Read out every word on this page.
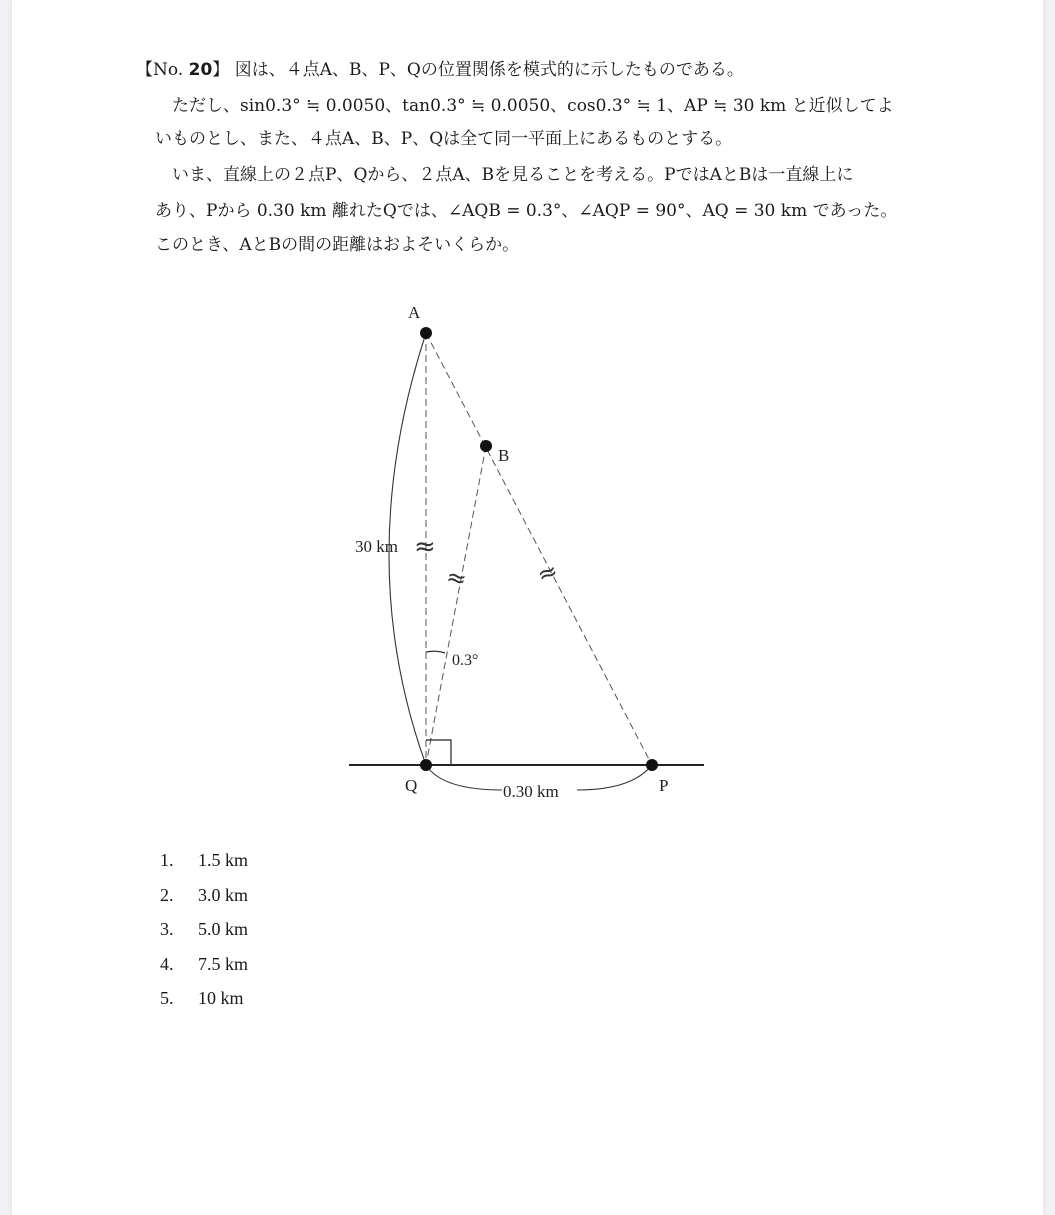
【No. 20】 図は、４点A、B、P、Qの位置関係を模式的に示したものである。
ただし、sin0.3° ≒ 0.0050、tan0.3° ≒ 0.0050、cos0.3° ≒ 1、AP ≒ 30 km と近似してよ
いものとし、また、４点A、B、P、Qは全て同一平面上にあるものとする。
いま、直線上の２点P、Qから、２点A、Bを見ることを考える。PではAとBは一直線上に
あり、Pから 0.30 km 離れたQでは、∠AQB = 0.3°、∠AQP = 90°、AQ = 30 km であった。
このとき、AとBの間の距離はおよそいくらか。
A
B
Q	P
30 km
0.3°
0.30 km
≈
≈	≈
1. 1.5 km
2. 3.0 km
3. 5.0 km
4. 7.5 km
5. 10 km
